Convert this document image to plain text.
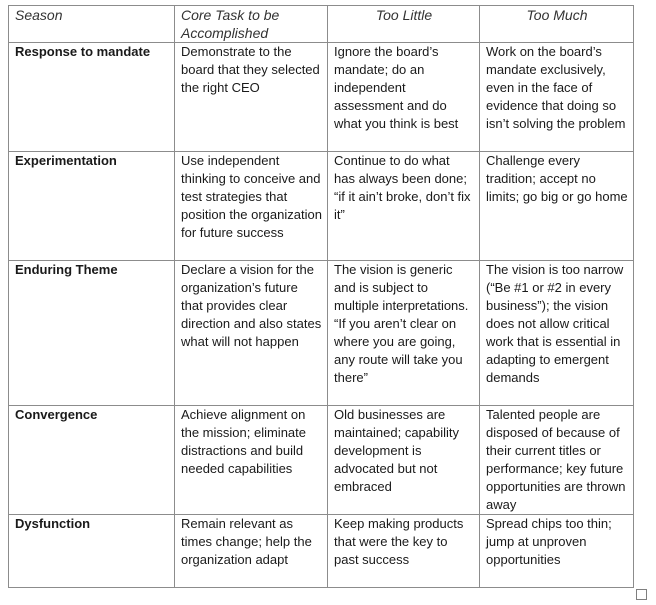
Season	Core Task to be Accomplished	Too Little	Too Much
Response to mandate	Demonstrate to the board that they selected the right CEO	Ignore the board’s mandate; do an independent assessment and do what you think is best	Work on the board’s mandate exclusively, even in the face of evidence that doing so isn’t solving the problem
Experimentation	Use independent thinking to conceive and test strategies that position the organization for future success	Continue to do what has always been done; “if it ain’t broke, don’t fix it”	Challenge every tradition; accept no limits; go big or go home
Enduring Theme	Declare a vision for the organization’s future that provides clear direction and also states what will not happen	The vision is generic and is subject to multiple interpretations. “If you aren’t clear on where you are going, any route will take you there”	The vision is too narrow (“Be #1 or #2 in every business”); the vision does not allow critical work that is essential in adapting to emergent demands
Convergence	Achieve alignment on the mission; eliminate distractions and build needed capabilities	Old businesses are maintained; capability development is advocated but not embraced	Talented people are disposed of because of their current titles or performance; key future opportunities are thrown away
Dysfunction	Remain relevant as times change; help the organization adapt	Keep making products that were the key to past success	Spread chips too thin; jump at unproven opportunities
